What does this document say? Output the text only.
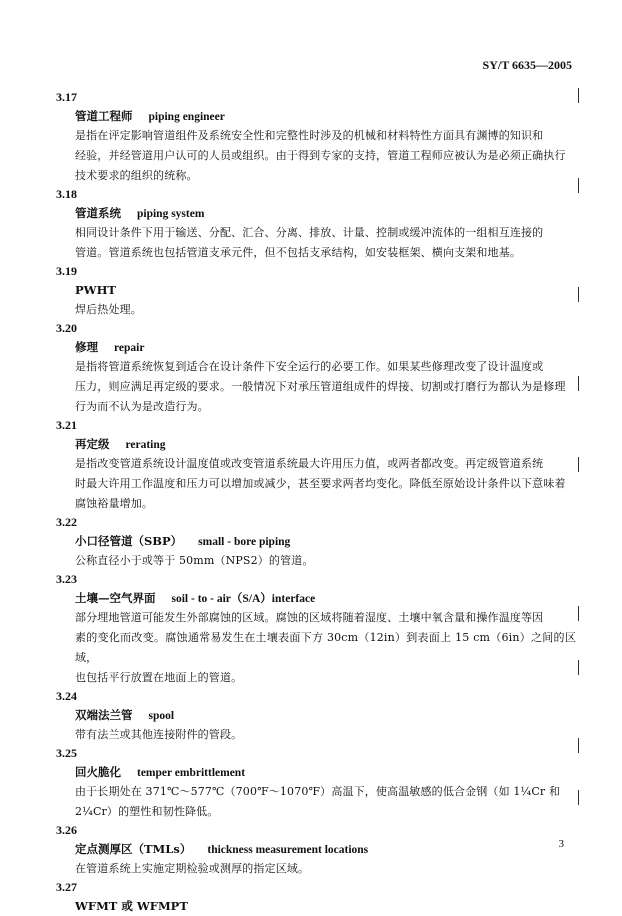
SY/T 6635—2005
3.17
管道工程师 piping engineer
是指在评定影响管道组件及系统安全性和完整性时涉及的机械和材料特性方面具有渊博的知识和
经验，并经管道用户认可的人员或组织。由于得到专家的支持，管道工程师应被认为是必须正确执行
技术要求的组织的统称。
3.18
管道系统 piping system
相同设计条件下用于输送、分配、汇合、分离、排放、计量、控制或缓冲流体的一组相互连接的
管道。管道系统也包括管道支承元件，但不包括支承结构，如安装框架、横向支架和地基。
3.19
PWHT
焊后热处理。
3.20
修理 repair
是指将管道系统恢复到适合在设计条件下安全运行的必要工作。如果某些修理改变了设计温度或
压力，则应满足再定级的要求。一般情况下对承压管道组成件的焊接、切割或打磨行为都认为是修理
行为而不认为是改造行为。
3.21
再定级 rerating
是指改变管道系统设计温度值或改变管道系统最大许用压力值，或两者都改变。再定级管道系统
时最大许用工作温度和压力可以增加或减少，甚至要求两者均变化。降低至原始设计条件以下意味着
腐蚀裕量增加。
3.22
小口径管道（SBP） small - bore piping
公称直径小于或等于 50mm（NPS2）的管道。
3.23
土壤—空气界面 soil - to - air（S/A）interface
部分埋地管道可能发生外部腐蚀的区域。腐蚀的区域将随着湿度、土壤中氧含量和操作温度等因
素的变化而改变。腐蚀通常易发生在土壤表面下方 30cm（12in）到表面上 15 cm（6in）之间的区域，
也包括平行放置在地面上的管道。
3.24
双端法兰管 spool
带有法兰或其他连接附件的管段。
3.25
回火脆化 temper embrittlement
由于长期处在 371℃～577℃（700℉～1070℉）高温下，使高温敏感的低合金钢（如 1¼Cr 和
2¼Cr）的塑性和韧性降低。
3.26
定点测厚区（TMLs） thickness measurement locations
在管道系统上实施定期检验或测厚的指定区域。
3.27
WFMT 或 WFMPT
3
